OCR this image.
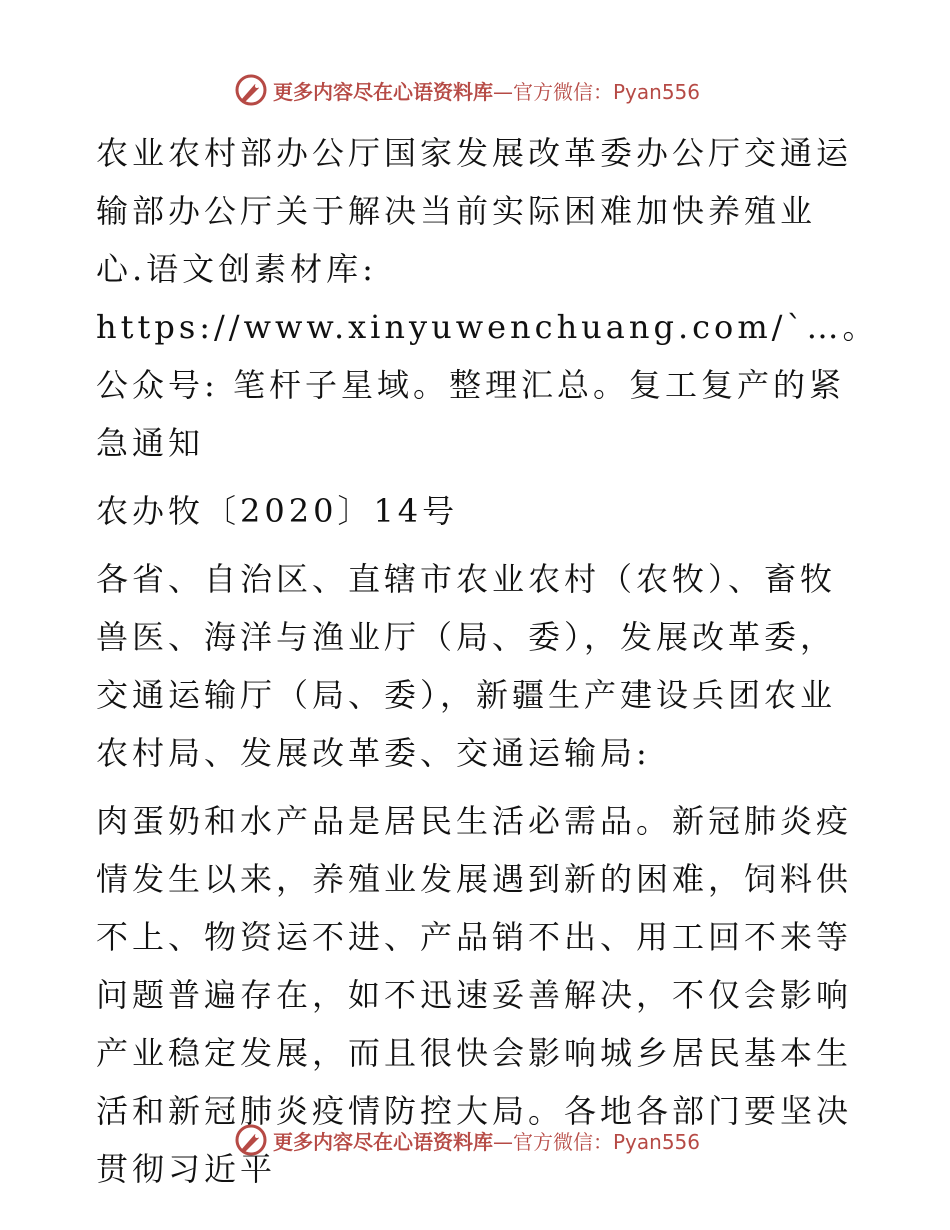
更多内容尽在心语资料库—官方微信：Pyan556

农业农村部办公厅国家发展改革委办公厅交通运输部办公厅关于解决当前实际困难加快养殖业心.语文创素材库: https://www.xinyuwenchuang.com/`…。公众号: 笔杆子星域。整理汇总。复工复产的紧急通知

农办牧〔2020〕14号

各省、自治区、直辖市农业农村（农牧）、畜牧兽医、海洋与渔业厅（局、委），发展改革委，交通运输厅（局、委），新疆生产建设兵团农业农村局、发展改革委、交通运输局:

肉蛋奶和水产品是居民生活必需品。新冠肺炎疫情发生以来，养殖业发展遇到新的困难，饲料供不上、物资运不进、产品销不出、用工回不来等问题普遍存在，如不迅速妥善解决，不仅会影响产业稳定发展，而且很快会影响城乡居民基本生活和新冠肺炎疫情防控大局。各地各部门要坚决贯彻习近平

更多内容尽在心语资料库—官方微信：Pyan556
